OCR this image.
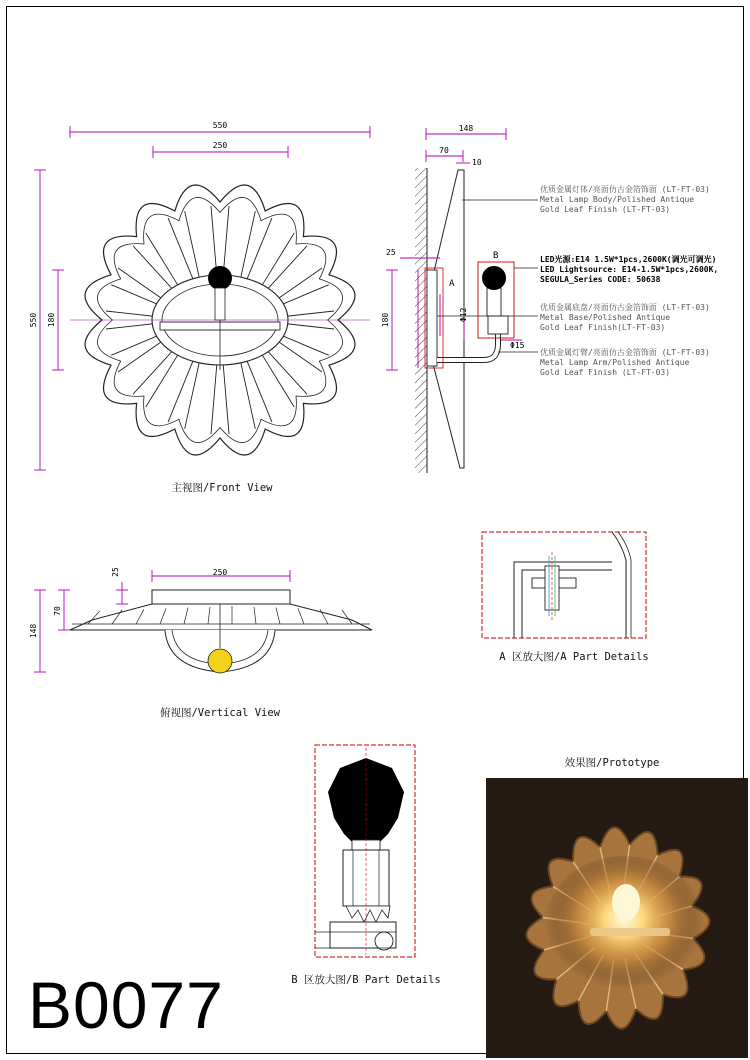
550
250
550 180	180
主视图/Front View
A
B
148
70
10
25
Φ12
Φ15
250
25
70
148
俯视图/Vertical View
A 区放大图/A Part Details
B 区放大图/B Part Details
效果图/Prototype
优质金属灯体/亮面仿古金箔饰面 (LT-FT-03)
Metal Lamp Body/Polished Antique
Gold Leaf Finish (LT-FT-03)
LED光源:E14 1.5W*1pcs,2600K(调光可调光)
LED Lightsource: E14-1.5W*1pcs,2600K,
SEGULA_Series CODE: 50638
优质金属底盘/亮面仿古金箔饰面 (LT-FT-03)
Metal Base/Polished Antique
Gold Leaf Finish(LT-FT-03)
优质金属灯臂/亮面仿古金箔饰面 (LT-FT-03)
Metal Lamp Arm/Polished Antique
Gold Leaf Finish (LT-FT-03)
B0077
